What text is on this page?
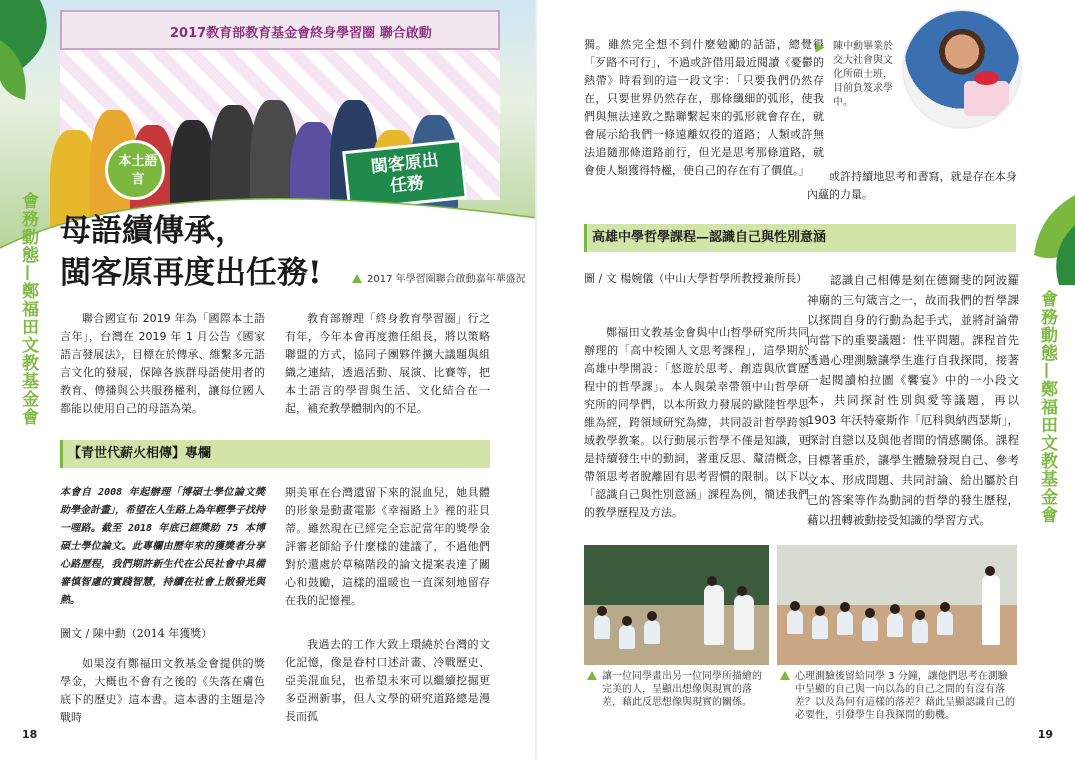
2017教育部教育基金會終身學習圈 聯合啟動
本土語言
閩客原出任務
會務動態—鄭福田文教基金會 母語續傳承，
閩客原再度出任務!	2017 年學習圈聯合啟動嘉年華盛況

聯合國宣布 2019 年為「國際本土語言年」，台灣在 2019 年 1 月公告《國家語言發展法》，目標在於傳承、維繫多元語言文化的發展，保障各族群母語使用者的教育、傳播與公共服務權利，讓每位國人都能以使用自己的母語為榮。

教育部辦理「終身教育學習圈」行之有年，今年本會再度擔任組長，將以策略聯盟的方式，協同子團夥伴擴大議題與組織之連結，透過活動、展演、比賽等，把本土語言的學習與生活、文化結合在一起，補充教學體制內的不足。

【青世代薪火相傳】專欄
本會自 2008 年起辦理「博碩士學位論文獎助學金計畫」，希望在人生路上為年輕學子找持一哩路。截至 2018 年底已經獎助 75 本博碩士學位論文。此專欄由歷年來的獲獎者分享心路歷程，我們期許新生代在公民社會中具備審慎智慮的實踐智慧，持續在社會上散發光與熱。
圖文 / 陳中勳（2014 年獲獎）

如果沒有鄭福田文教基金會提供的獎學金，大概也不會有之後的《失落在膚色底下的歷史》這本書。這本書的主題是冷戰時

期美軍在台灣遺留下來的混血兒，她具體的形象是動畫電影《幸福路上》裡的莊貝蒂。雖然現在已經完全忘記當年的獎學金評審老師給予什麼樣的建議了，不過他們對於還處於草稿階段的論文提案表達了關心和鼓勵，這樣的溫暖也一直深刻地留存在我的記憶裡。

我過去的工作大致上環繞於台灣的文化記憶，像是眷村口述計畫、冷戰歷史、亞美混血兒，也希望未來可以繼續挖掘更多亞洲新事，但人文學的研究道路總是漫長而孤

18
獨。雖然完全想不到什麼勉勵的話語，總覺得「歹路不可行」，不過或許借用最近閱讀《憂鬱的熱帶》時看到的這一段文字：「只要我們仍然存在，只要世界仍然存在，那條纖細的弧形，使我們與無法達致之點聯繫起來的弧形就會存在，就會展示給我們一條遠離奴役的道路；人類或許無法追隨那條道路前行，但光是思考那條道路，就會使人類獲得特權，使自己的存在有了價值。」	或許持續地思考和書寫，就是存在本身內蘊的力量。

陳中勳畢業於交大社會與文化所碩士班，目前負笈求學中。
高雄中學哲學課程—認識自己與性別意涵
圖 / 文 楊婉儀（中山大學哲學所教授兼所長）

鄭福田文教基金會與中山哲學研究所共同辦理的「高中校園人文思考課程」，這學期於高雄中學開設：「悠遊於思考、創造與欣賞歷程中的哲學課」。本人與榮幸帶領中山哲學研究所的同學們，以本所致力發展的歐陸哲學思維為經，跨領域研究為緯，共同設計哲學跨領域教學教案。以行動展示哲學不僅是知識，更是持續發生中的動詞，著重反思、釐清概念，帶領思考者脫離固有思考習慣的限制。以下以「認識自己與性別意涵」課程為例，簡述我們的教學歷程及方法。

認識自己相傳是刻在德爾斐的阿波羅神廟的三句箴言之一，故而我們的哲學課以探問自身的行動為起手式，並將討論帶向當下的重要議題：性平問題。課程首先透過心理測驗讓學生進行自我探問，接著一起閱讀柏拉圖《饗宴》中的一小段文本，共同探討性別與愛等議題，再以 1903 年沃特豪斯作「厄科與納西瑟斯」，探討自戀以及與他者間的情感關係。課程目標著重於，讓學生體驗發現自己、參考文本、形成問題、共同討論、給出屬於自己的答案等作為動詞的哲學的發生歷程，藉以扭轉被動接受知識的學習方式。

讓一位同學畫出另一位同學所描繪的完美的人，呈顯出想像與現實的落差，藉此反思想像與現實的關係。
心理測驗後留給同學 3 分鐘，讓他們思考在測驗中呈顯的自己與一向以為的自己之間的有沒有落差？以及為何有這樣的落差？藉此呈顯認識自己的必要性，引發學生自我探問的動機。
會務動態—鄭福田文教基金會
19
